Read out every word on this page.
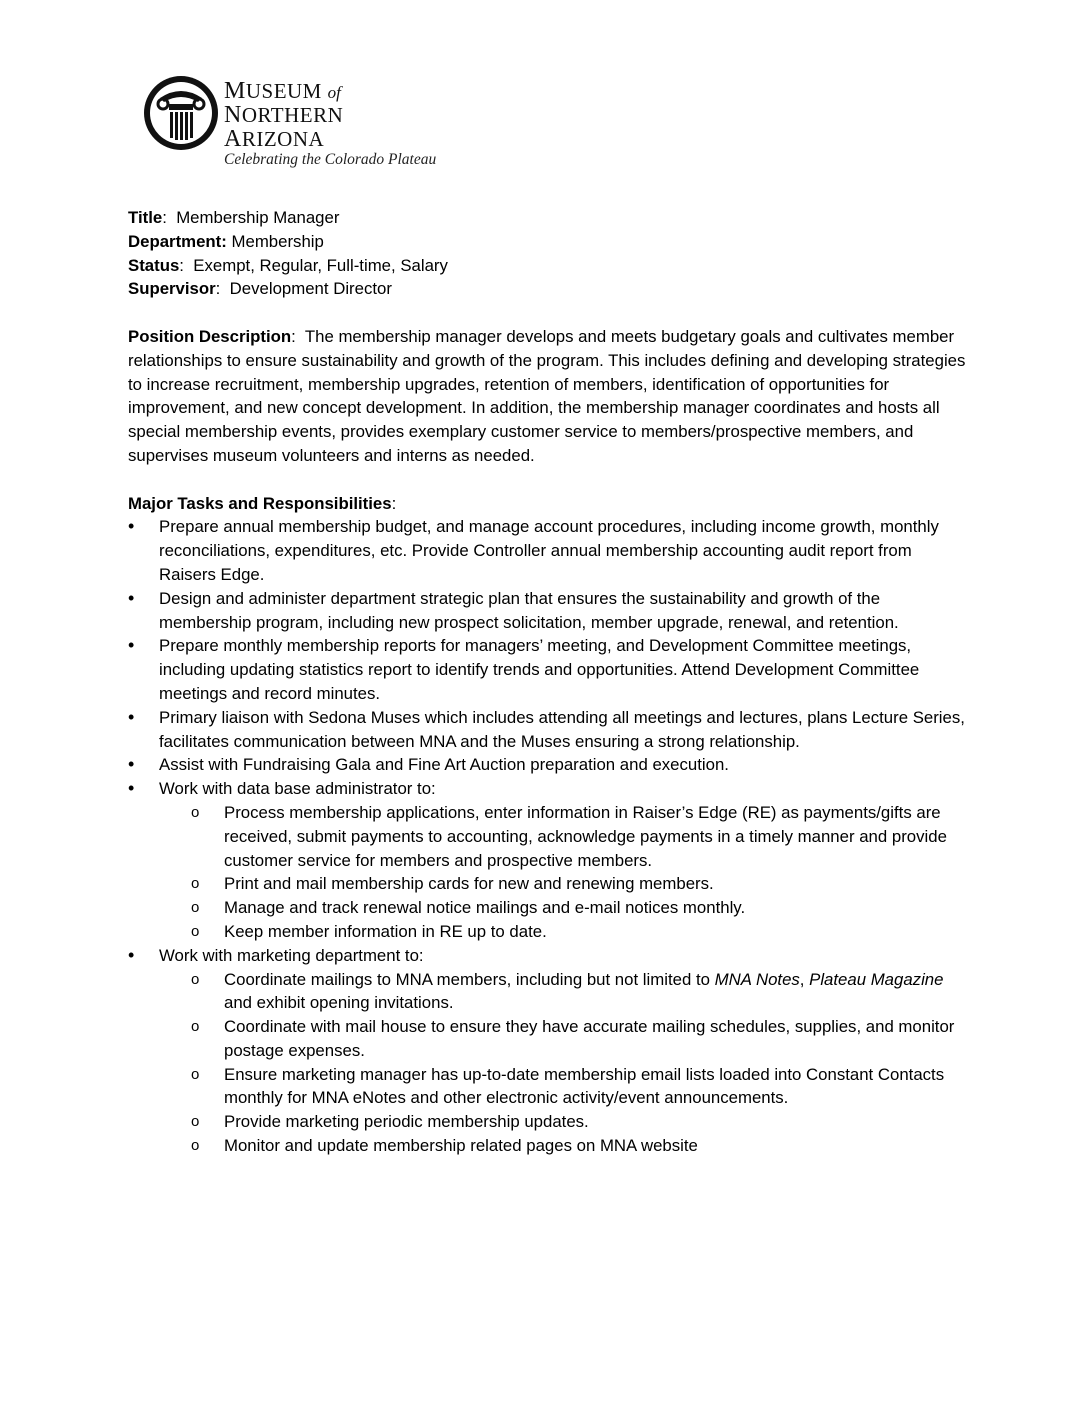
MUSEUM of
NORTHERN
ARIZONA
Celebrating the Colorado Plateau

Title:  Membership Manager

Department: Membership

Status:  Exempt, Regular, Full-time, Salary

Supervisor:  Development Director

Position Description:  The membership manager develops and meets budgetary goals and cultivates member relationships to ensure sustainability and growth of the program. This includes defining and developing strategies to increase recruitment, membership upgrades, retention of members, identification of opportunities for improvement, and new concept development. In addition, the membership manager coordinates and hosts all special membership events, provides exemplary customer service to members/prospective members, and supervises museum volunteers and interns as needed.

Major Tasks and Responsibilities:

• Prepare annual membership budget, and manage account procedures, including income growth, monthly reconciliations, expenditures, etc. Provide Controller annual membership accounting audit report from Raisers Edge.
• Design and administer department strategic plan that ensures the sustainability and growth of the membership program, including new prospect solicitation, member upgrade, renewal, and retention.
• Prepare monthly membership reports for managers’ meeting, and Development Committee meetings, including updating statistics report to identify trends and opportunities. Attend Development Committee meetings and record minutes.
• Primary liaison with Sedona Muses which includes attending all meetings and lectures, plans Lecture Series, facilitates communication between MNA and the Muses ensuring a strong relationship.
• Assist with Fundraising Gala and Fine Art Auction preparation and execution.
• Work with data base administrator to:
o Process membership applications, enter information in Raiser’s Edge (RE) as payments/gifts are received, submit payments to accounting, acknowledge payments in a timely manner and provide customer service for members and prospective members.
o Print and mail membership cards for new and renewing members.
o Manage and track renewal notice mailings and e-mail notices monthly.
o Keep member information in RE up to date.
• Work with marketing department to:
o Coordinate mailings to MNA members, including but not limited to MNA Notes, Plateau Magazine and exhibit opening invitations.
o Coordinate with mail house to ensure they have accurate mailing schedules, supplies, and monitor postage expenses.
o Ensure marketing manager has up-to-date membership email lists loaded into Constant Contacts monthly for MNA eNotes and other electronic activity/event announcements.
o Provide marketing periodic membership updates.
o Monitor and update membership related pages on MNA website
